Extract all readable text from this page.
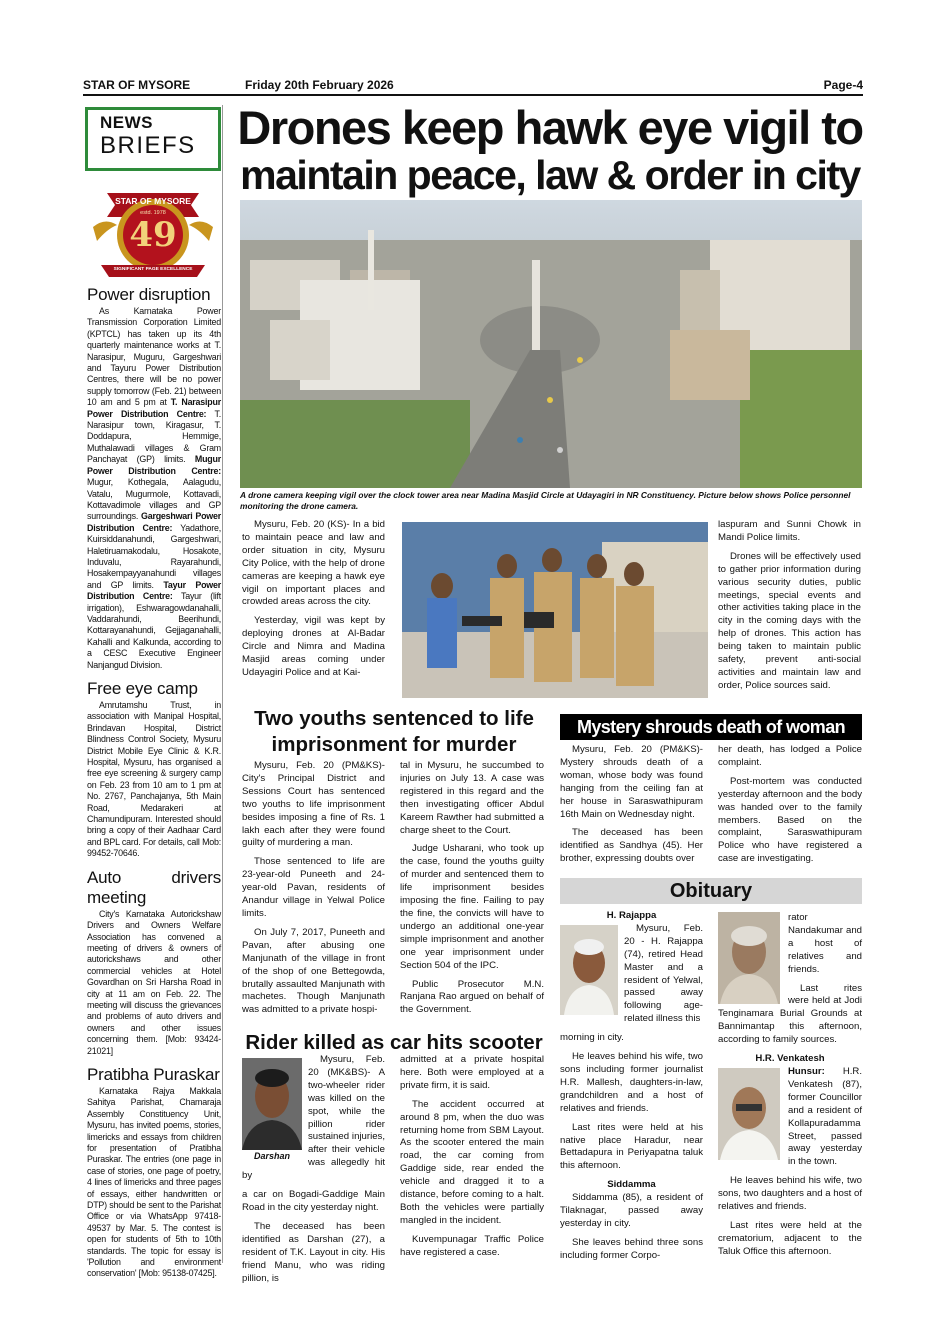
STAR OF MYSORE	Friday 20th February 2026	Page-4
NEWS
BRIEFS
STAR OF MYSORE
estd. 1978
49
SIGNIFICANT PAGE EXCELLENCE
Power disruption
As Karnataka Power Transmission Corporation Limited (KPTCL) has taken up its 4th quarterly maintenance works at T. Narasipur, Muguru, Gargeshwari and Tayuru Power Distribution Centres, there will be no power supply tomorrow (Feb. 21) between 10 am and 5 pm at T. Narasipur Power Distribution Centre: T. Narasipur town, Kiragasur, T. Doddapura, Hemmige, Muthalawadi villages & Gram Panchayat (GP) limits. Mugur Power Distribution Centre: Mugur, Kothegala, Aalagudu, Vatalu, Mugurmole, Kottavadi, Kottavadimole villages and GP surroundings. Gargeshwari Power Distribution Centre: Yadathore, Kuirsiddanahundi, Gargeshwari, Haletiruamakodalu, Hosakote, Induvalu, Rayarahundi, Hosakempayyanahundi villages and GP limits. Tayur Power Distribution Centre: Tayur (lift irrigation), Eshwaragowdanahalli, Vaddarahundi, Beerihundi, Kottarayanahundi, Gejjaganahalli, Kahalli and Kalkunda, according to a CESC Executive Engineer Nanjangud Division.
Free eye camp
Amrutamshu Trust, in association with Manipal Hospital, Brindavan Hospital, District Blindness Control Society, Mysuru District Mobile Eye Clinic & K.R. Hospital, Mysuru, has organised a free eye screening & surgery camp on Feb. 23 from 10 am to 1 pm at No. 2767, Panchajanya, 5th Main Road, Medarakeri at Chamundipuram. Interested should bring a copy of their Aadhaar Card and BPL card. For details, call Mob: 99452-70646.
Auto drivers meeting
City's Karnataka Autorickshaw Drivers and Owners Welfare Association has convened a meeting of drivers & owners of autorickshaws and other commercial vehicles at Hotel Govardhan on Sri Harsha Road in city at 11 am on Feb. 22. The meeting will discuss the grievances and problems of auto drivers and owners and other issues concerning them. [Mob: 93424-21021]
Pratibha Puraskar
Karnataka Rajya Makkala Sahitya Parishat, Chamaraja Assembly Constituency Unit, Mysuru, has invited poems, stories, limericks and essays from children for presentation of Pratibha Puraskar. The entries (one page in case of stories, one page of poetry, 4 lines of limericks and three pages of essays, either handwritten or DTP) should be sent to the Parishat Office or via WhatsApp 97418-49537 by Mar. 5. The contest is open for students of 5th to 10th standards. The topic for essay is 'Pollution and environment conservation' [Mob: 95138-07425].
Drones keep hawk eye vigil to
maintain peace, law & order in city
A drone camera keeping vigil over the clock tower area near Madina Masjid Circle at Udayagiri in NR Constituency. Picture below shows Police personnel monitoring the drone camera.

Mysuru, Feb. 20 (KS)- In a bid to maintain peace and law and order situation in city, Mysuru City Police, with the help of drone cameras are keeping a hawk eye vigil on important places and crowded areas across the city.

Yesterday, vigil was kept by deploying drones at Al-Badar Circle and Nimra and Madina Masjid areas coming under Udayagiri Police and at Kai-

laspuram and Sunni Chowk in Mandi Police limits.

Drones will be effectively used to gather prior information during various security duties, public meetings, special events and other activities taking place in the city in the coming days with the help of drones. This action has being taken to maintain public safety, prevent anti-social activities and maintain law and order, Police sources said.

Two youths sentenced to life
imprisonment for murder

Mysuru, Feb. 20 (PM&KS)- City's Principal District and Sessions Court has sentenced two youths to life imprisonment besides imposing a fine of Rs. 1 lakh each after they were found guilty of murdering a man.

Those sentenced to life are 23-year-old Puneeth and 24-year-old Pavan, residents of Anandur village in Yelwal Police limits.

On July 7, 2017, Puneeth and Pavan, after abusing one Manjunath of the village in front of the shop of one Bettegowda, brutally assaulted Manjunath with machetes. Though Manjunath was admitted to a private hospi-

tal in Mysuru, he succumbed to injuries on July 13. A case was registered in this regard and the then investigating officer Abdul Kareem Rawther had submitted a charge sheet to the Court.

Judge Usharani, who took up the case, found the youths guilty of murder and sentenced them to life imprisonment besides imposing the fine. Failing to pay the fine, the convicts will have to undergo an additional one-year simple imprisonment and another one year imprisonment under Section 504 of the IPC.

Public Prosecutor M.N. Ranjana Rao argued on behalf of the Government.

Mystery shrouds death of woman

Mysuru, Feb. 20 (PM&KS)- Mystery shrouds death of a woman, whose body was found hanging from the ceiling fan at her house in Saraswathipuram 16th Main on Wednesday night.

The deceased has been identified as Sandhya (45). Her brother, expressing doubts over

her death, has lodged a Police complaint.

Post-mortem was conducted yesterday afternoon and the body was handed over to the family members. Based on the complaint, Saraswathipuram Police who have registered a case are investigating.

Obituary
H. Rajappa

Mysuru, Feb. 20 - H. Rajappa (74), retired Head Master and a resident of Yelwal, passed away following age-related illness this

morning in city.

He leaves behind his wife, two sons including former journalist H.R. Mallesh, daughters-in-law, grandchildren and a host of relatives and friends.

Last rites were held at his native place Haradur, near Bettadapura in Periyapatna taluk this afternoon.

Siddamma

Siddamma (85), a resident of Tilaknagar, passed away yesterday in city.

She leaves behind three sons including former Corpo-

rator Nandakumar and a host of relatives and friends.

Last rites were held at Jodi Tenginamara Burial Grounds at Bannimantap this afternoon, according to family sources.

H.R. Venkatesh

Hunsur: H.R. Venkatesh (87), former Councillor and a resident of Kollapuradamma Street, passed away yesterday in the town.

He leaves behind his wife, two sons, two daughters and a host of relatives and friends.

Last rites were held at the crematorium, adjacent to the Taluk Office this afternoon.

Rider killed as car hits scooter
Darshan

Mysuru, Feb. 20 (MK&BS)- A two-wheeler rider was killed on the spot, while the pillion rider sustained injuries, after their vehicle was allegedly hit by

a car on Bogadi-Gaddige Main Road in the city yesterday night.

The deceased has been identified as Darshan (27), a resident of T.K. Layout in city. His friend Manu, who was riding pillion, is

admitted at a private hospital here. Both were employed at a private firm, it is said.

The accident occurred at around 8 pm, when the duo was returning home from SBM Layout. As the scooter entered the main road, the car coming from Gaddige side, rear ended the vehicle and dragged it to a distance, before coming to a halt. Both the vehicles were partially mangled in the incident.

Kuvempunagar Traffic Police have registered a case.
